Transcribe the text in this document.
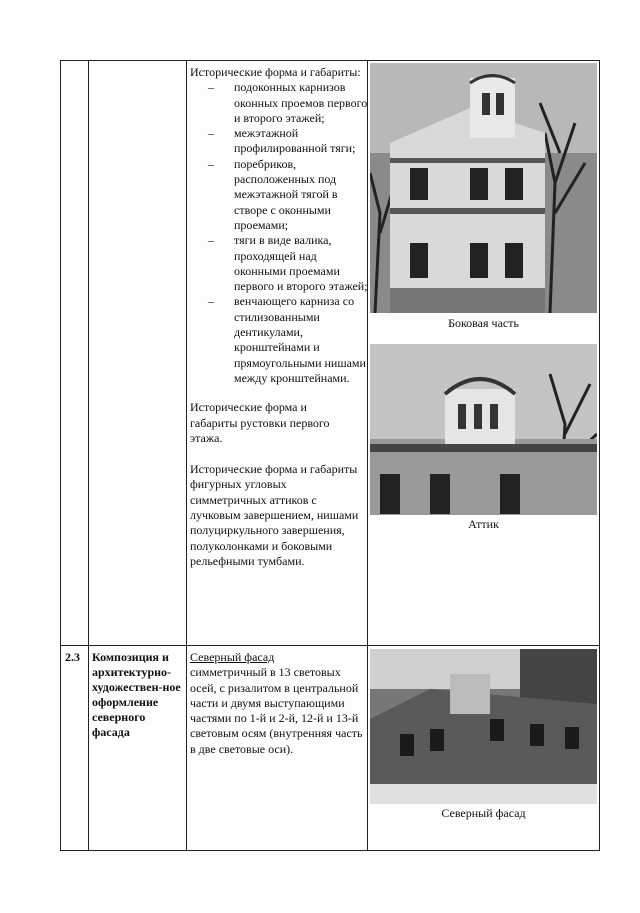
Исторические форма и габариты:

– подоконных карнизов оконных проемов первого и второго этажей;
– межэтажной профилированной тяги;
– поребриков, расположенных под межэтажной тягой в створе с оконными проемами;
– тяги в виде валика, проходящей над оконными проемами первого и второго этажей;
– венчающего карниза со стилизованными дентикулами, кронштейнами и прямоугольными нишами между кронштейнами.

Исторические форма и габариты рустовки первого этажа.

Исторические форма и габариты фигурных угловых симметричных аттиков с лучковым завершением, нишами полуциркульного завершения, полуколонками и боковыми рельефными тумбами.

Боковая часть
Аттик
2.3 Композиция и архитектурно-художествен-ное оформление северного фасада

Северный фасад

симметричный в 13 световых осей, с ризалитом в центральной части и двумя выступающими частями по 1-й и 2-й, 12-й и 13-й световым осям (внутренняя часть в две световые оси).

Северный фасад
